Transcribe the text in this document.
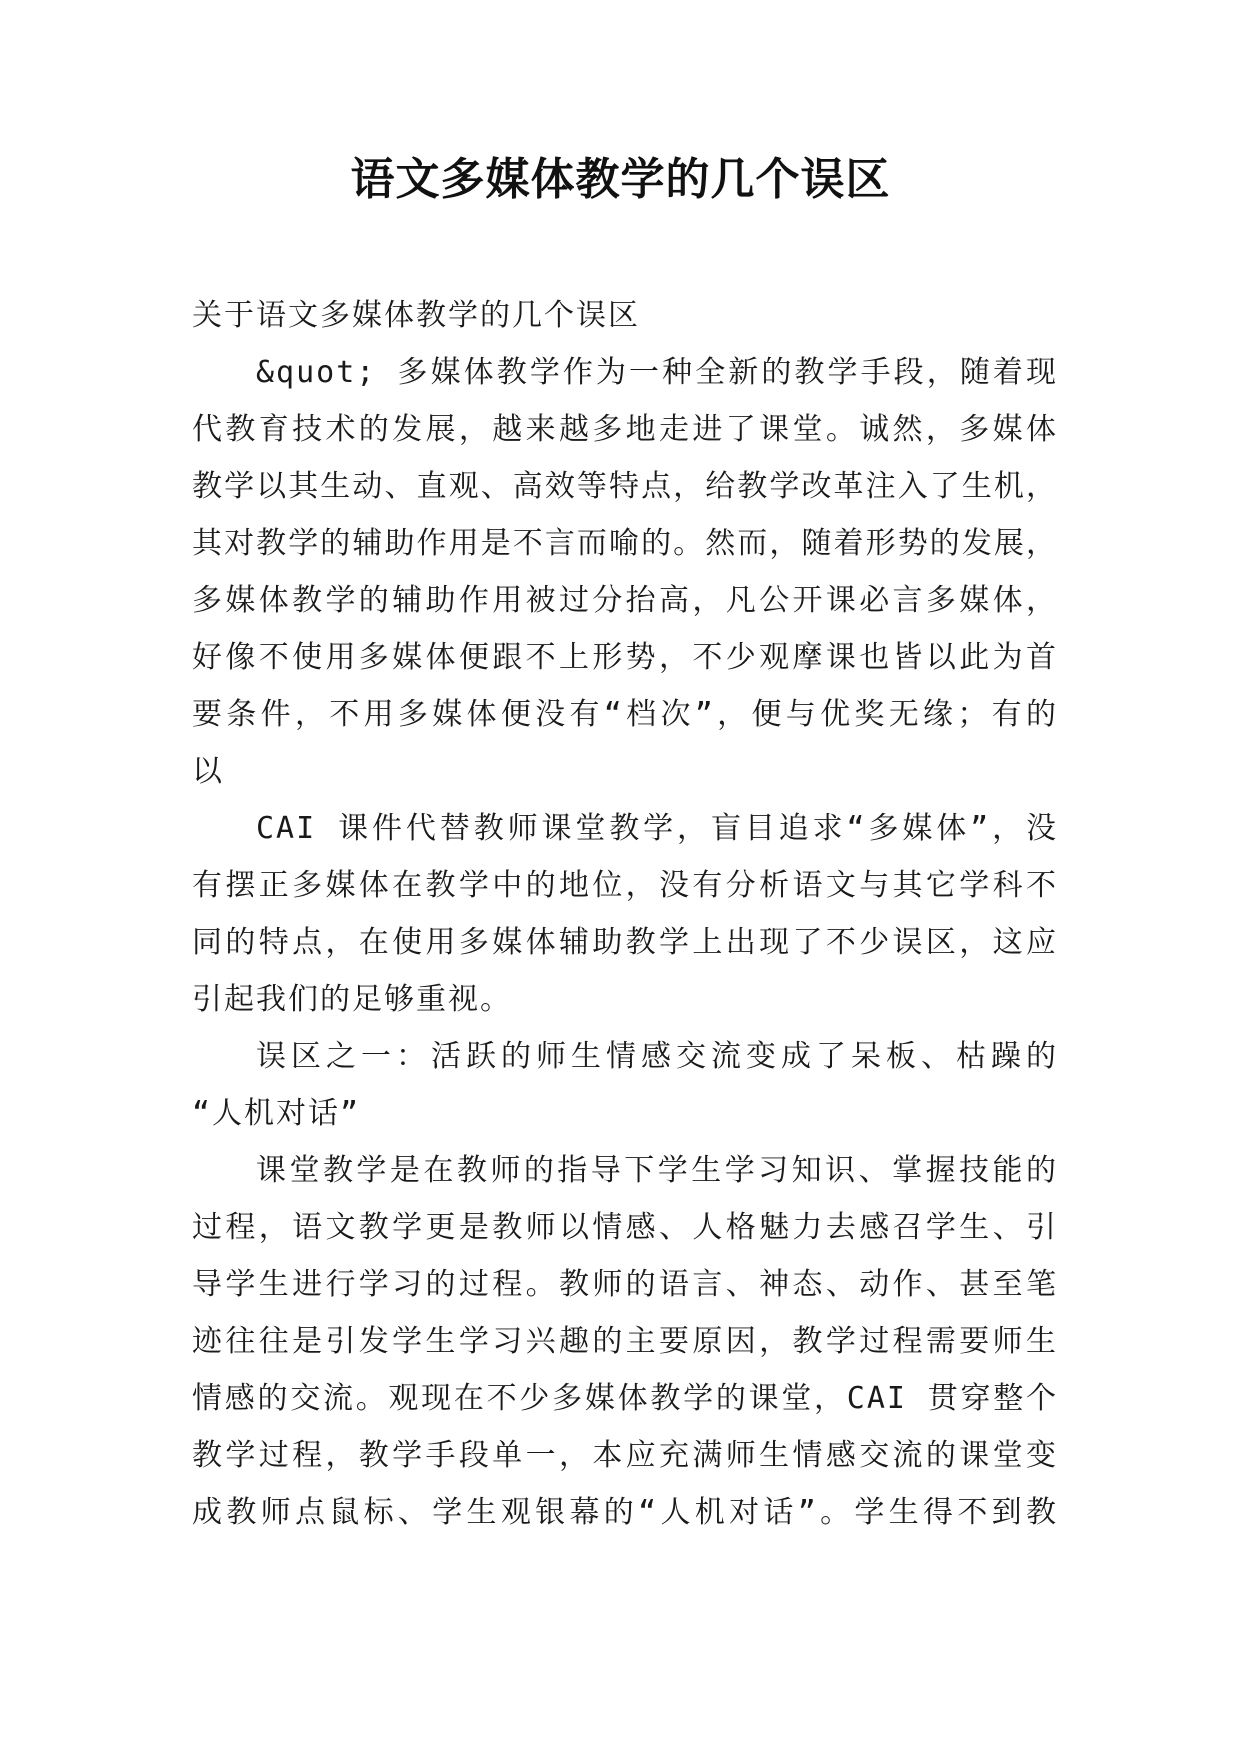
语文多媒体教学的几个误区
关于语文多媒体教学的几个误区
&quot; 多媒体教学作为一种全新的教学手段，随着现
代教育技术的发展，越来越多地走进了课堂。诚然，多媒体
教学以其生动、直观、高效等特点，给教学改革注入了生机，
其对教学的辅助作用是不言而喻的。然而，随着形势的发展，
多媒体教学的辅助作用被过分抬高，凡公开课必言多媒体，
好像不使用多媒体便跟不上形势，不少观摩课也皆以此为首
要条件，不用多媒体便没有“档次”，便与优奖无缘；有的
以
CAI 课件代替教师课堂教学，盲目追求“多媒体”，没
有摆正多媒体在教学中的地位，没有分析语文与其它学科不
同的特点，在使用多媒体辅助教学上出现了不少误区，这应
引起我们的足够重视。
误区之一：活跃的师生情感交流变成了呆板、枯躁的
“人机对话”
课堂教学是在教师的指导下学生学习知识、掌握技能的
过程，语文教学更是教师以情感、人格魅力去感召学生、引
导学生进行学习的过程。教师的语言、神态、动作、甚至笔
迹往往是引发学生学习兴趣的主要原因，教学过程需要师生
情感的交流。观现在不少多媒体教学的课堂，CAI 贯穿整个
教学过程，教学手段单一，本应充满师生情感交流的课堂变
成教师点鼠标、学生观银幕的“人机对话”。学生得不到教
